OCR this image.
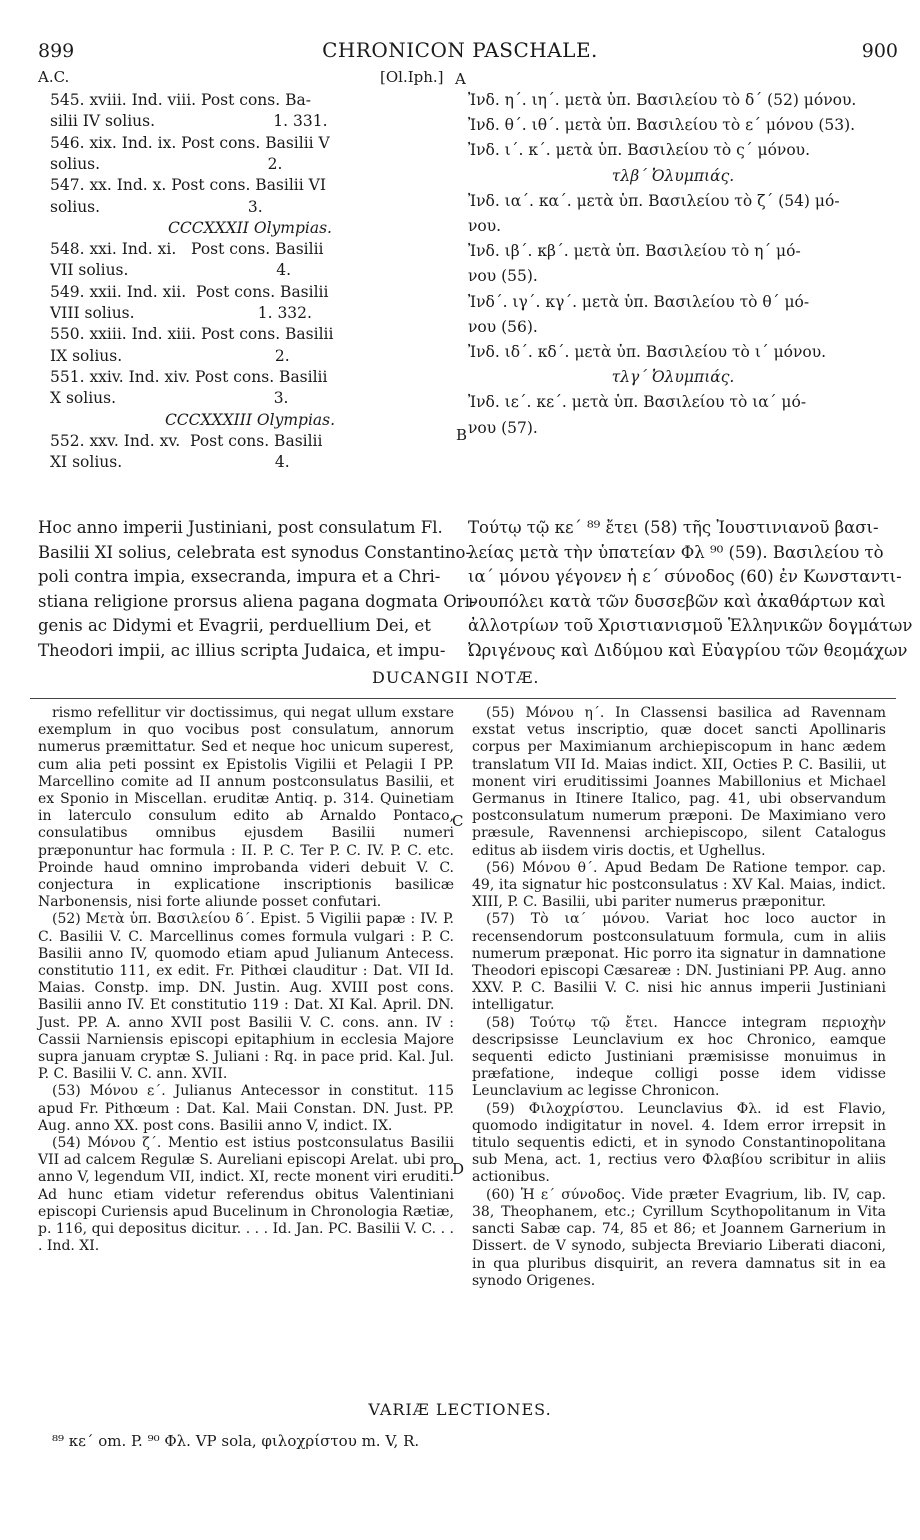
899	CHRONICON PASCHALE.	900
A.C.	[Ol.Iph.] A
545. xviii. Ind. viii. Post cons. Ba-
silii IV solius.                        1. 331.
546. xix. Ind. ix. Post cons. Basilii V
solius.                                  2.
547. xx. Ind. x. Post cons. Basilii VI
solius.                              3.
CCCXXXII Olympias.
548. xxi. Ind. xi.   Post cons. Basilii
VII solius.                              4.
549. xxii. Ind. xii.  Post cons. Basilii
VIII solius.                         1. 332.
550. xxiii. Ind. xiii. Post cons. Basilii
IX solius.                               2.
551. xxiv. Ind. xiv. Post cons. Basilii
X solius.                                3.
CCCXXXIII Olympias.
552. xxv. Ind. xv.  Post cons. Basilii
XI solius.                               4.
Ἰνδ. η΄. ιη΄. μετὰ ὑπ. Βασιλείου τὸ δ΄ (52) μόνου.
Ἰνδ. θ΄. ιθ΄. μετὰ ὑπ. Βασιλείου τὸ ε΄ μόνου (53).
Ἰνδ. ι΄. κ΄. μετὰ ὑπ. Βασιλείου τὸ ς΄ μόνου.
τλβ΄ Ὀλυμπιάς.
Ἰνδ. ια΄. κα΄. μετὰ ὑπ. Βασιλείου τὸ ζ΄ (54) μό-
νου.
Ἰνδ. ιβ΄. κβ΄. μετὰ ὑπ. Βασιλείου τὸ η΄ μό-
νου (55).
Ἰνδ΄. ιγ΄. κγ΄. μετὰ ὑπ. Βασιλείου τὸ θ΄ μό-
νου (56).
Ἰνδ. ιδ΄. κδ΄. μετὰ ὑπ. Βασιλείου τὸ ι΄ μόνου.
τλγ΄ Ὀλυμπιάς.
Ἰνδ. ιε΄. κε΄. μετὰ ὑπ. Βασιλείου τὸ ια΄ μό-
νου (57).
Hoc anno imperii Justiniani, post consulatum Fl.
Basilii XI solius, celebrata est synodus Constantino-
poli contra impia, exsecranda, impura et a Chri-
stiana religione prorsus aliena pagana dogmata Ori-
genis ac Didymi et Evagrii, perduellium Dei, et
Theodori impii, ac illius scripta Judaica, et impu-
Τούτῳ τῷ κε΄ ⁸⁹ ἔτει (58) τῆς Ἰουστινιανοῦ βασι-
λείας μετὰ τὴν ὑπατείαν Φλ ⁹⁰ (59). Βασιλείου τὸ
ια΄ μόνου γέγονεν ἡ ε΄ σύνοδος (60) ἐν Κωνσταντι-
νουπόλει κατὰ τῶν δυσσεβῶν καὶ ἀκαθάρτων καὶ
ἀλλοτρίων τοῦ Χριστιανισμοῦ Ἑλληνικῶν δογμάτων
Ὠριγένους καὶ Διδύμου καὶ Εὐαγρίου τῶν θεομάχων
B
C
D
DUCANGII NOTÆ.

rismo refellitur vir doctissimus, qui negat ullum exstare exemplum in quo vocibus post consulatum, annorum numerus præmittatur. Sed et neque hoc unicum superest, cum alia peti possint ex Epistolis Vigilii et Pelagii I PP. Marcellino comite ad II annum postconsulatus Basilii, et ex Sponio in Miscellan. eruditæ Antiq. p. 314. Quinetiam in laterculo consulum edito ab Arnaldo Pontaco, consulatibus omnibus ejusdem Basilii numeri præponuntur hac formula : II. P. C. Ter P. C. IV. P. C. etc. Proinde haud omnino improbanda videri debuit V. C. conjectura in explicatione inscriptionis basilicæ Narbonensis, nisi forte aliunde posset confutari.

(52) Μετὰ ὑπ. Βασιλείου δ΄. Epist. 5 Vigilii papæ : IV. P. C. Basilii V. C. Marcellinus comes formula vulgari : P. C. Basilii anno IV, quomodo etiam apud Julianum Antecess. constitutio 111, ex edit. Fr. Pithœi clauditur : Dat. VII Id. Maias. Constp. imp. DN. Justin. Aug. XVIII post cons. Basilii anno IV. Et constitutio 119 : Dat. XI Kal. April. DN. Just. PP. A. anno XVII post Basilii V. C. cons. ann. IV : Cassii Narniensis episcopi epitaphium in ecclesia Majore supra januam cryptæ S. Juliani : Rq. in pace prid. Kal. Jul. P. C. Basilii V. C. ann. XVII.

(53) Μόνου ε΄. Julianus Antecessor in constitut. 115 apud Fr. Pithœum : Dat. Kal. Maii Constan. DN. Just. PP. Aug. anno XX. post cons. Basilii anno V, indict. IX.

(54) Μόνου ζ΄. Mentio est istius postconsulatus Basilii VII ad calcem Regulæ S. Aureliani episcopi Arelat. ubi pro anno V, legendum VII, indict. XI, recte monent viri eruditi. Ad hunc etiam videtur referendus obitus Valentiniani episcopi Curiensis apud Bucelinum in Chronologia Rætiæ, p. 116, qui depositus dicitur. . . . Id. Jan. PC. Basilii V. C. . . . Ind. XI.

(55) Μόνου η΄. In Classensi basilica ad Ravennam exstat vetus inscriptio, quæ docet sancti Apollinaris corpus per Maximianum archiepiscopum in hanc ædem translatum VII Id. Maias indict. XII, Octies P. C. Basilii, ut monent viri eruditissimi Joannes Mabillonius et Michael Germanus in Itinere Italico, pag. 41, ubi observandum postconsulatum numerum præponi. De Maximiano vero præsule, Ravennensi archiepiscopo, silent Catalogus editus ab iisdem viris doctis, et Ughellus.

(56) Μόνου θ΄. Apud Bedam De Ratione tempor. cap. 49, ita signatur hic postconsulatus : XV Kal. Maias, indict. XIII, P. C. Basilii, ubi pariter numerus præponitur.

(57) Τὸ ια΄ μόνου. Variat hoc loco auctor in recensendorum postconsulatuum formula, cum in aliis numerum præponat. Hic porro ita signatur in damnatione Theodori episcopi Cæsareæ : DN. Justiniani PP. Aug. anno XXV. P. C. Basilii V. C. nisi hic annus imperii Justiniani intelligatur.

(58) Τούτῳ τῷ ἔτει. Hancce integram περιοχὴν descripsisse Leunclavium ex hoc Chronico, eamque sequenti edicto Justiniani præmisisse monuimus in præfatione, indeque colligi posse idem vidisse Leunclavium ac legisse Chronicon.

(59) Φιλοχρίστου. Leunclavius Φλ. id est Flavio, quomodo indigitatur in novel. 4. Idem error irrepsit in titulo sequentis edicti, et in synodo Constantinopolitana sub Mena, act. 1, rectius vero Φλαβίου scribitur in aliis actionibus.

(60) Ἡ ε΄ σύνοδος. Vide præter Evagrium, lib. IV, cap. 38, Theophanem, etc.; Cyrillum Scythopolitanum in Vita sancti Sabæ cap. 74, 85 et 86; et Joannem Garnerium in Dissert. de V synodo, subjecta Breviario Liberati diaconi, in qua pluribus disquirit, an revera damnatus sit in ea synodo Origenes.

VARIÆ LECTIONES.
⁸⁹ κε΄ om. P. ⁹⁰ Φλ. VP sola, φιλοχρίστου m. V, R.
